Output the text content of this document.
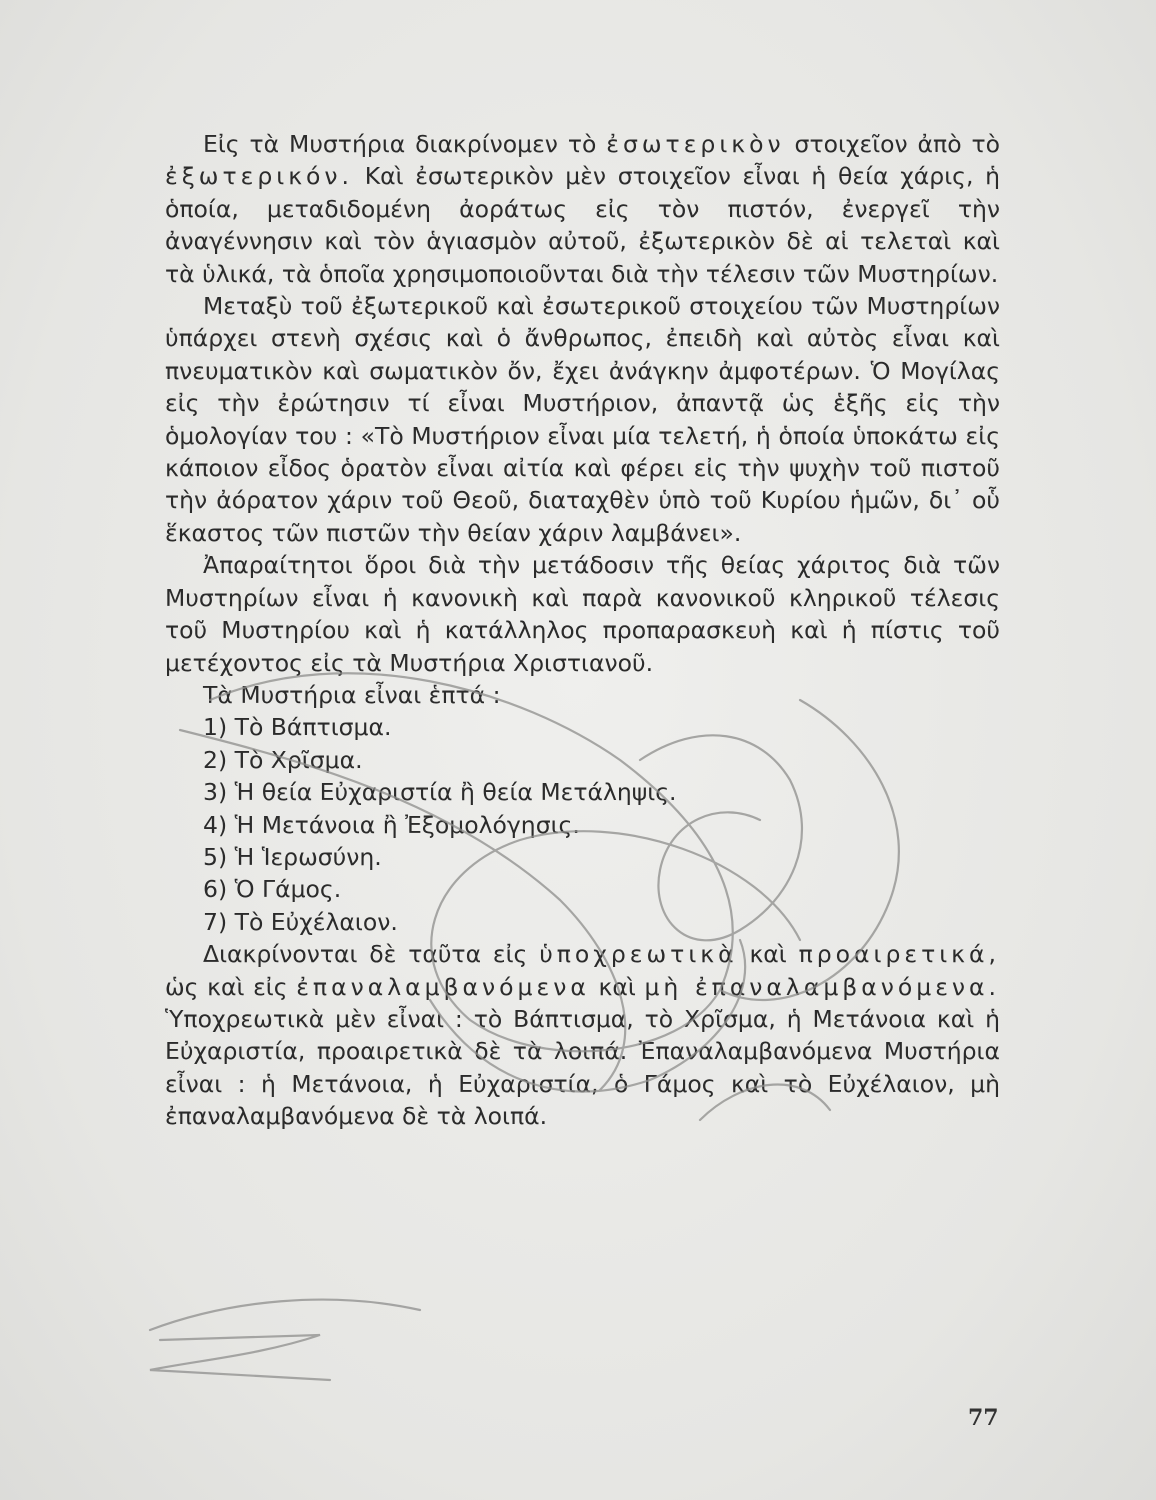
Εἰς τὰ Μυστήρια διακρίνομεν τὸ ἐσωτερικὸν στοιχεῖον ἀπὸ τὸ ἐξωτερικόν. Καὶ ἐσωτερικὸν μὲν στοιχεῖον εἶναι ἡ θεία χάρις, ἡ ὁποία, μεταδιδομένη ἀοράτως εἰς τὸν πιστόν, ἐνεργεῖ τὴν ἀναγέννησιν καὶ τὸν ἁγιασμὸν αὐτοῦ, ἐξωτερικὸν δὲ αἱ τελεταὶ καὶ τὰ ὑλικά, τὰ ὁποῖα χρησιμοποιοῦνται διὰ τὴν τέλεσιν τῶν Μυστηρίων.

Μεταξὺ τοῦ ἐξωτερικοῦ καὶ ἐσωτερικοῦ στοιχείου τῶν Μυστηρίων ὑπάρχει στενὴ σχέσις καὶ ὁ ἄνθρωπος, ἐπειδὴ καὶ αὐτὸς εἶναι καὶ πνευματικὸν καὶ σωματικὸν ὄν, ἔχει ἀνάγκην ἀμφοτέρων. Ὁ Μογίλας εἰς τὴν ἐρώτησιν τί εἶναι Μυστήριον, ἀπαντᾷ ὡς ἑξῆς εἰς τὴν ὁμολογίαν του : «Τὸ Μυστήριον εἶναι μία τελετή, ἡ ὁποία ὑποκάτω εἰς κάποιον εἶδος ὁρατὸν εἶναι αἰτία καὶ φέρει εἰς τὴν ψυχὴν τοῦ πιστοῦ τὴν ἀόρατον χάριν τοῦ Θεοῦ, διαταχθὲν ὑπὸ τοῦ Κυρίου ἡμῶν, δι᾿ οὗ ἕκαστος τῶν πιστῶν τὴν θείαν χάριν λαμβάνει».

Ἀπαραίτητοι ὅροι διὰ τὴν μετάδοσιν τῆς θείας χάριτος διὰ τῶν Μυστηρίων εἶναι ἡ κανονικὴ καὶ παρὰ κανονικοῦ κληρικοῦ τέλεσις τοῦ Μυστηρίου καὶ ἡ κατάλληλος προπαρασκευὴ καὶ ἡ πίστις τοῦ μετέχοντος εἰς τὰ Μυστήρια Χριστιανοῦ.

Τὰ Μυστήρια εἶναι ἑπτά :

1) Τὸ Βάπτισμα.
2) Τὸ Χρῖσμα.
3) Ἡ θεία Εὐχαριστία ἢ θεία Μετάληψις.
4) Ἡ Μετάνοια ἢ Ἐξομολόγησις.
5) Ἡ Ἱερωσύνη.
6) Ὁ Γάμος.
7) Τὸ Εὐχέλαιον.

Διακρίνονται δὲ ταῦτα εἰς ὑποχρεωτικὰ καὶ προαιρετικά, ὡς καὶ εἰς ἐπαναλαμβανόμενα καὶ μὴ ἐπαναλαμβανόμενα. Ὑποχρεωτικὰ μὲν εἶναι : τὸ Βάπτισμα, τὸ Χρῖσμα, ἡ Μετάνοια καὶ ἡ Εὐχαριστία, προαιρετικὰ δὲ τὰ λοιπά. Ἐπαναλαμβανόμενα Μυστήρια εἶναι : ἡ Μετάνοια, ἡ Εὐχαριστία, ὁ Γάμος καὶ τὸ Εὐχέλαιον, μὴ ἐπαναλαμβανόμενα δὲ τὰ λοιπά.

77
